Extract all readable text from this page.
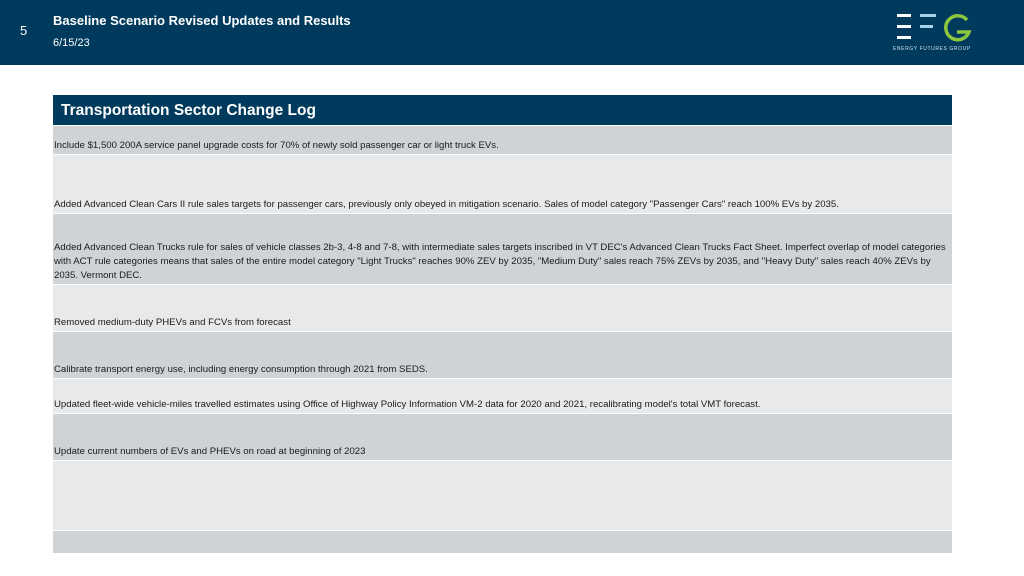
5
Baseline Scenario Revised Updates and Results
6/15/23	ENERGY FUTURES GROUP
Transportation Sector Change Log
Include $1,500 200A service panel upgrade costs for 70% of newly sold passenger car or light truck EVs.
Added Advanced Clean Cars II rule sales targets for passenger cars, previously only obeyed in mitigation scenario. Sales of model category "Passenger Cars" reach 100% EVs by 2035.
Added Advanced Clean Trucks rule for sales of vehicle classes 2b-3, 4-8 and 7-8, with intermediate sales targets inscribed in VT DEC's Advanced Clean Trucks Fact Sheet. Imperfect overlap of model categories with ACT rule categories means that sales of the entire model category "Light Trucks" reaches 90% ZEV by 2035, "Medium Duty" sales reach 75% ZEVs by 2035, and "Heavy Duty" sales reach 40% ZEVs by 2035. Vermont DEC.
Removed medium-duty PHEVs and FCVs from forecast
Calibrate transport energy use, including energy consumption through 2021 from SEDS.
Updated fleet-wide vehicle-miles travelled estimates using Office of Highway Policy Information VM-2 data for 2020 and 2021, recalibrating model's total VMT forecast.
Update current numbers of EVs and PHEVs on road at beginning of 2023
